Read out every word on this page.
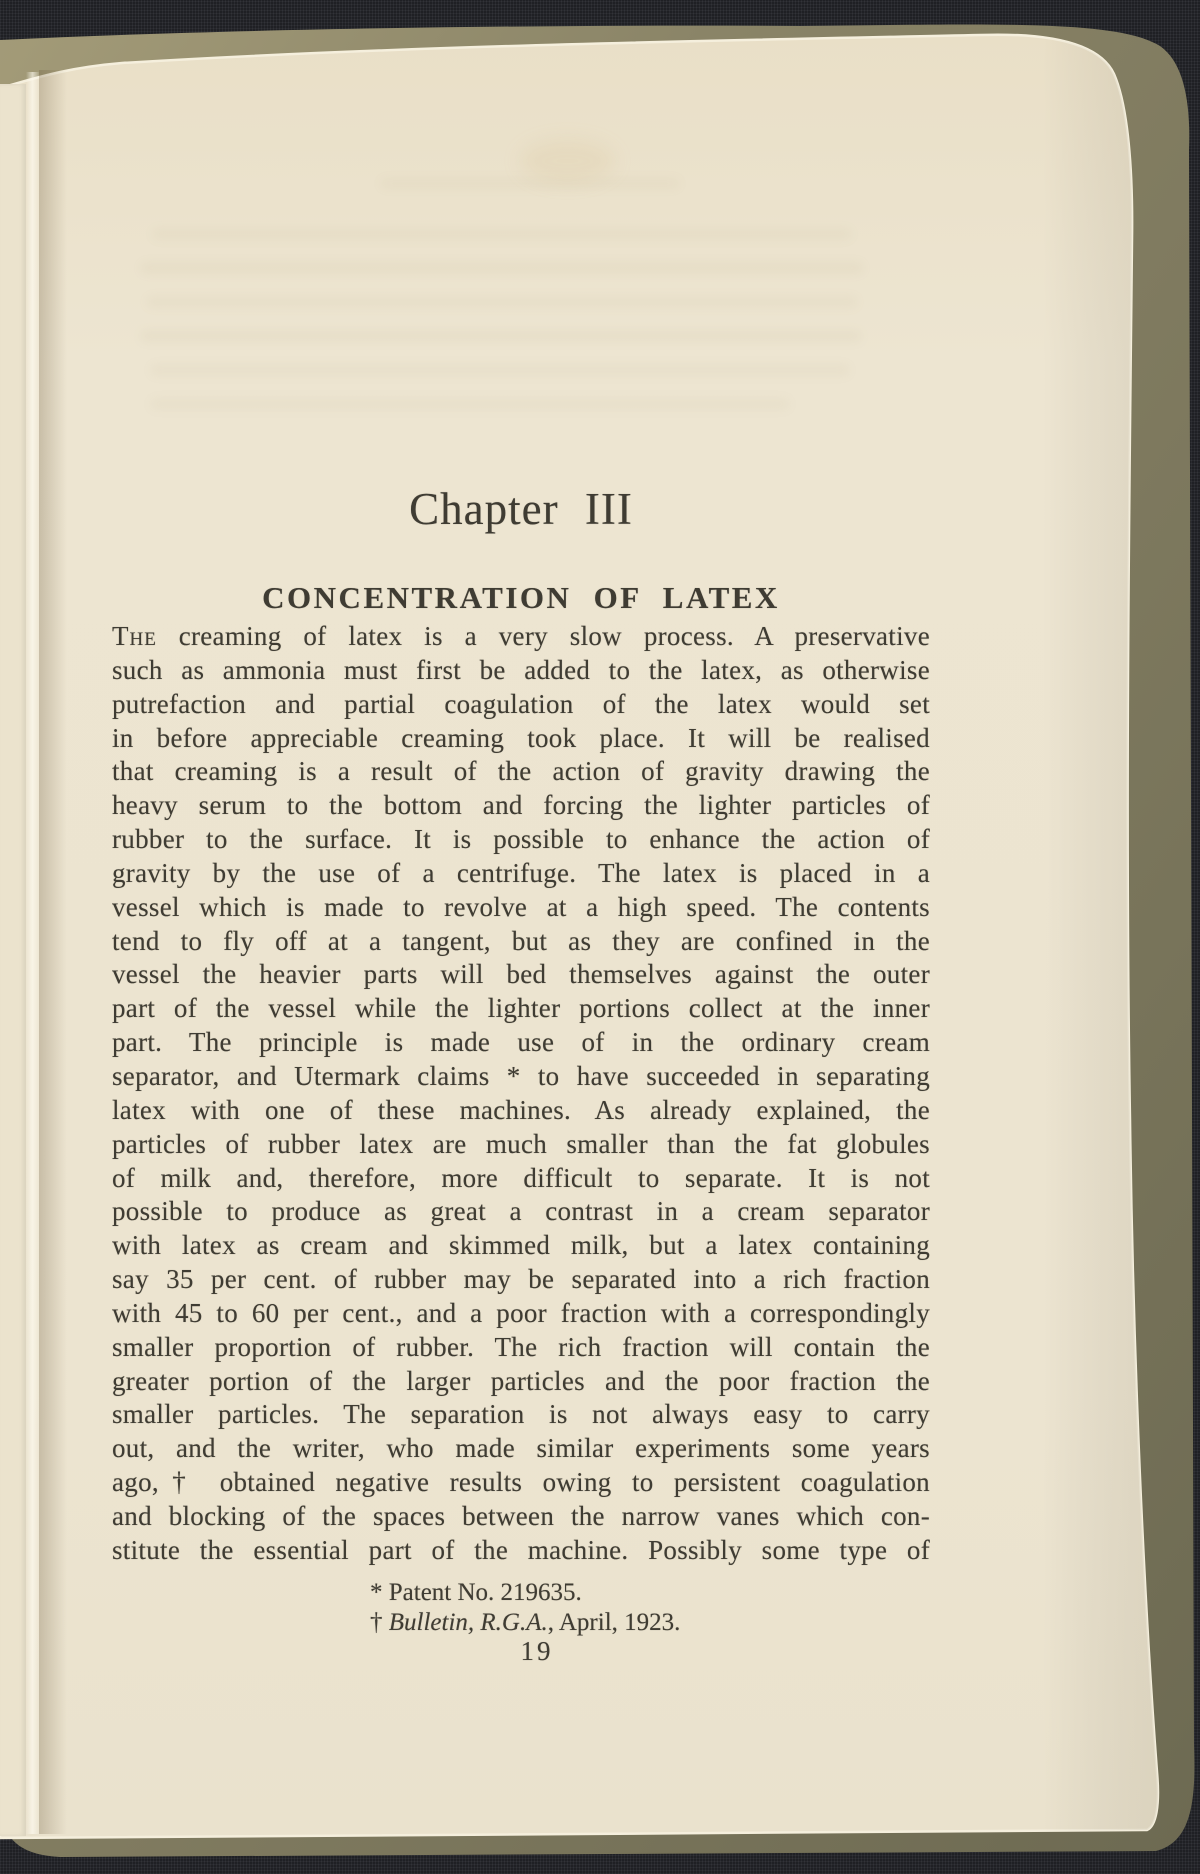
Chapter III
CONCENTRATION OF LATEX
The creaming of latex is a very slow process. A preservative
such as ammonia must first be added to the latex, as otherwise
putrefaction and partial coagulation of the latex would set
in before appreciable creaming took place. It will be realised
that creaming is a result of the action of gravity drawing the
heavy serum to the bottom and forcing the lighter particles of
rubber to the surface. It is possible to enhance the action of
gravity by the use of a centrifuge. The latex is placed in a
vessel which is made to revolve at a high speed. The contents
tend to fly off at a tangent, but as they are confined in the
vessel the heavier parts will bed themselves against the outer
part of the vessel while the lighter portions collect at the inner
part. The principle is made use of in the ordinary cream
separator, and Utermark claims * to have succeeded in separating
latex with one of these machines. As already explained, the
particles of rubber latex are much smaller than the fat globules
of milk and, therefore, more difficult to separate. It is not
possible to produce as great a contrast in a cream separator
with latex as cream and skimmed milk, but a latex containing
say 35 per cent. of rubber may be separated into a rich fraction
with 45 to 60 per cent., and a poor fraction with a correspondingly
smaller proportion of rubber. The rich fraction will contain the
greater portion of the larger particles and the poor fraction the
smaller particles. The separation is not always easy to carry
out, and the writer, who made similar experiments some years
ago,† obtained negative results owing to persistent coagulation
and blocking of the spaces between the narrow vanes which con-
stitute the essential part of the machine. Possibly some type of
* Patent No. 219635.
† Bulletin, R.G.A., April, 1923.
19
